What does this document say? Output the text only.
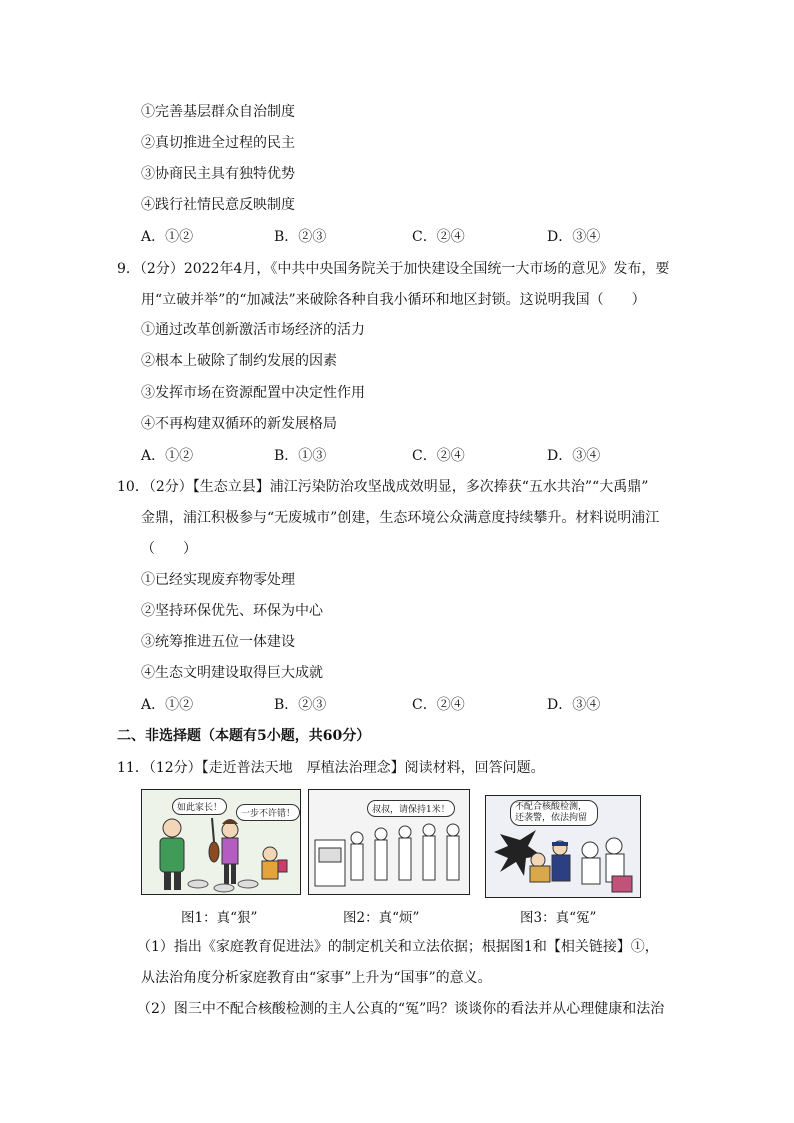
①完善基层群众自治制度
②真切推进全过程的民主
③协商民主具有独特优势
④践行社情民意反映制度
A．①②	B．②③	C．②④	D．③④
9．（2分）2022年4月，《中共中央国务院关于加快建设全国统一大市场的意见》发布，要
用“立破并举”的“加减法”来破除各种自我小循环和地区封锁。这说明我国（　　）
①通过改革创新激活市场经济的活力
②根本上破除了制约发展的因素
③发挥市场在资源配置中决定性作用
④不再构建双循环的新发展格局
A．①②	B．①③	C．②④	D．③④
10．（2分）【生态立县】浦江污染防治攻坚战成效明显，多次捧获“五水共治”“大禹鼎”
金鼎，浦江积极参与“无废城市”创建，生态环境公众满意度持续攀升。材料说明浦江
（　　）
①已经实现废弃物零处理
②坚持环保优先、环保为中心
③统筹推进五位一体建设
④生态文明建设取得巨大成就
A．①②	B．②③	C．②④	D．③④
二、非选择题（本题有5小题，共60分）
11．（12分）【走近普法天地　厚植法治理念】阅读材料，回答问题。
如此家长！
一步不许错！	叔叔，请保持1米！	不配合核酸检测，还袭警，依法拘留
图1：真“狠”	图2：真“烦”	图3：真“冤”
（1）指出《家庭教育促进法》的制定机关和立法依据；根据图1和【相关链接】①，
从法治角度分析家庭教育由“家事”上升为“国事”的意义。
（2）图三中不配合核酸检测的主人公真的“冤”吗？谈谈你的看法并从心理健康和法治
